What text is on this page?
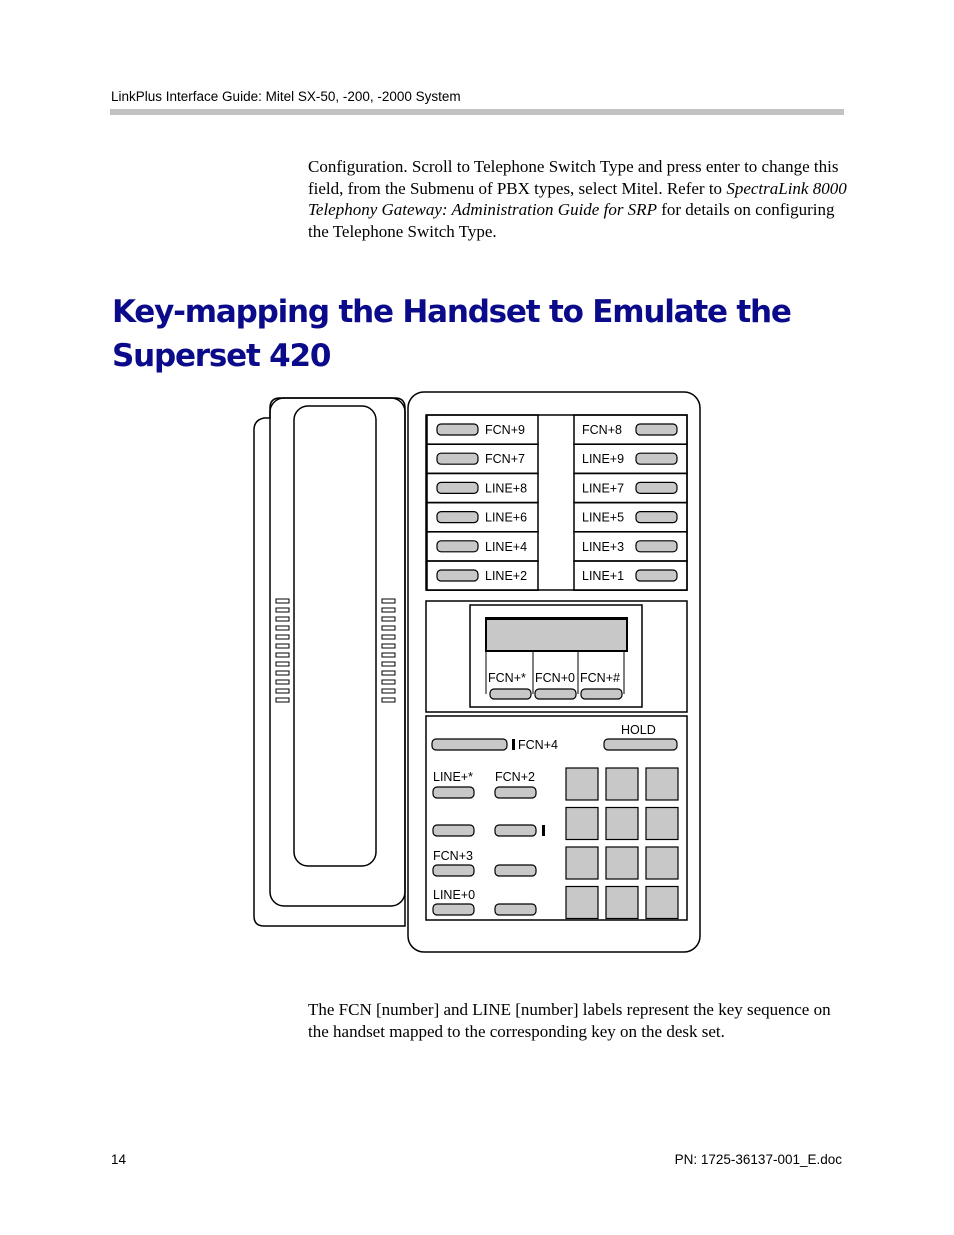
LinkPlus Interface Guide: Mitel SX-50, -200, -2000 System

Configuration. Scroll to Telephone Switch Type and press enter to change this field, from the Submenu of PBX types, select Mitel. Refer to SpectraLink 8000 Telephony Gateway: Administration Guide for SRP for details on configuring the Telephone Switch Type.

Key-mapping the Handset to Emulate the
Superset 420
FCN+9	FCN+8
FCN+7	LINE+9
LINE+8	LINE+7
LINE+6	LINE+5
LINE+4	LINE+3
LINE+2	LINE+1
FCN+* FCN+0 FCN+#
FCN+4
HOLD
LINE+* FCN+2
FCN+3
LINE+0

The FCN [number] and LINE [number] labels represent the key sequence on the handset mapped to the corresponding key on the desk set.

14	PN: 1725-36137-001_E.doc
